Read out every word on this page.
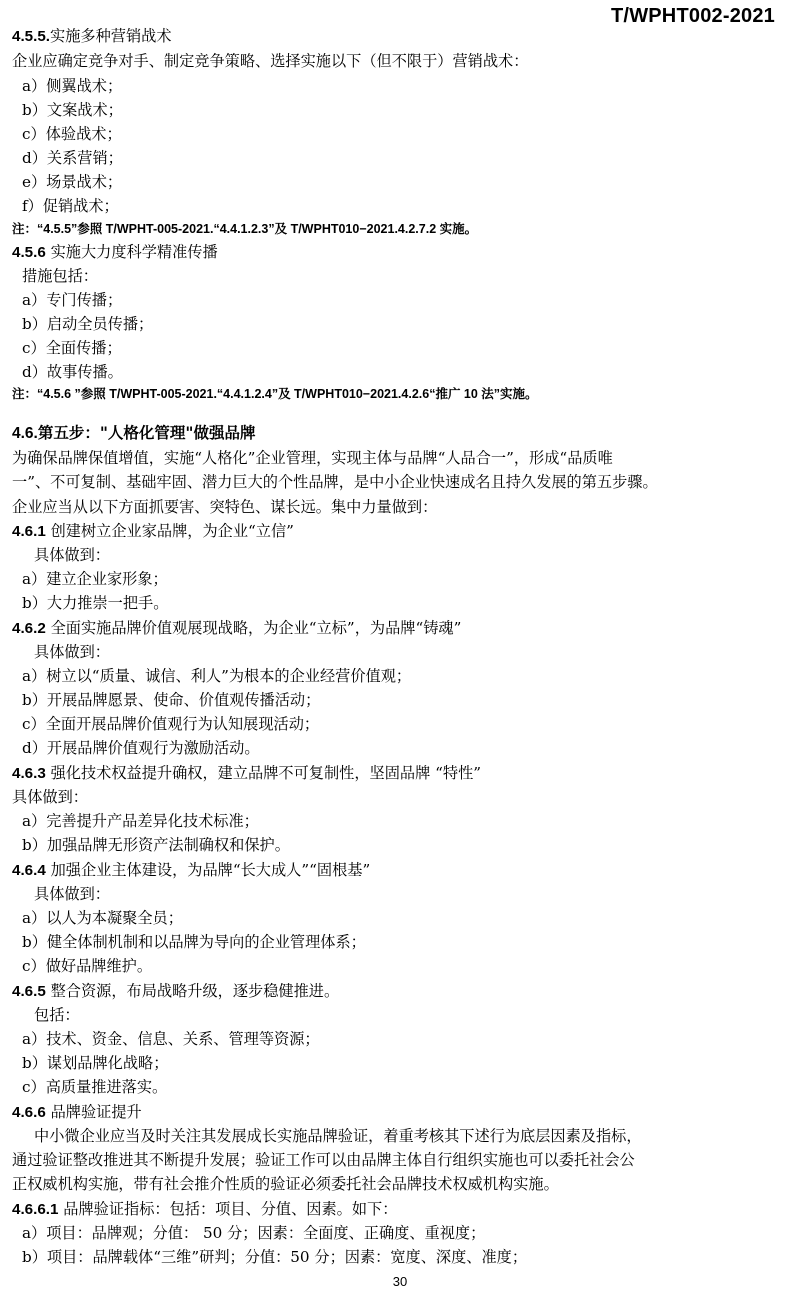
T/WPHT002-2021
4.5.5.实施多种营销战术
企业应确定竞争对手、制定竞争策略、选择实施以下（但不限于）营销战术：
a）侧翼战术；
b）文案战术；
c）体验战术；
d）关系营销；
e）场景战术；
f）促销战术；
注：“4.5.5”参照 T/WPHT-005-2021.“4.4.1.2.3”及 T/WPHT010−2021.4.2.7.2 实施。
4.5.6 实施大力度科学精准传播
措施包括：
a）专门传播；
b）启动全员传播；
c）全面传播；
d）故事传播。
注：“4.5.6 ”参照 T/WPHT-005-2021.“4.4.1.2.4”及 T/WPHT010−2021.4.2.6“推广 10 法”实施。
4.6.第五步："人格化管理"做强品牌
为确保品牌保值增值，实施“人格化”企业管理，实现主体与品牌“人品合一”，形成“品质唯
一”、不可复制、基础牢固、潜力巨大的个性品牌，是中小企业快速成名且持久发展的第五步骤。
企业应当从以下方面抓要害、突特色、谋长远。集中力量做到：
4.6.1 创建树立企业家品牌，为企业“立信”
具体做到：
a）建立企业家形象；
b）大力推崇一把手。
4.6.2 全面实施品牌价值观展现战略，为企业“立标”，为品牌“铸魂”
具体做到：
a）树立以“质量、诚信、利人”为根本的企业经营价值观；
b）开展品牌愿景、使命、价值观传播活动；
c）全面开展品牌价值观行为认知展现活动；
d）开展品牌价值观行为激励活动。
4.6.3 强化技术权益提升确权，建立品牌不可复制性，坚固品牌 “特性”
具体做到：
a）完善提升产品差异化技术标准；
b）加强品牌无形资产法制确权和保护。
4.6.4 加强企业主体建设，为品牌“长大成人”“固根基”
具体做到：
a）以人为本凝聚全员；
b）健全体制机制和以品牌为导向的企业管理体系；
c）做好品牌维护。
4.6.5 整合资源，布局战略升级，逐步稳健推进。
包括：
a）技术、资金、信息、关系、管理等资源；
b）谋划品牌化战略；
c）高质量推进落实。
4.6.6 品牌验证提升
中小微企业应当及时关注其发展成长实施品牌验证，着重考核其下述行为底层因素及指标，
通过验证整改推进其不断提升发展；验证工作可以由品牌主体自行组织实施也可以委托社会公
正权威机构实施，带有社会推介性质的验证必须委托社会品牌技术权威机构实施。
4.6.6.1 品牌验证指标：包括：项目、分值、因素。如下：
a）项目：品牌观；分值： 50 分；因素：全面度、正确度、重视度；
b）项目：品牌载体“三维”研判；分值：50 分；因素：宽度、深度、准度；
30
